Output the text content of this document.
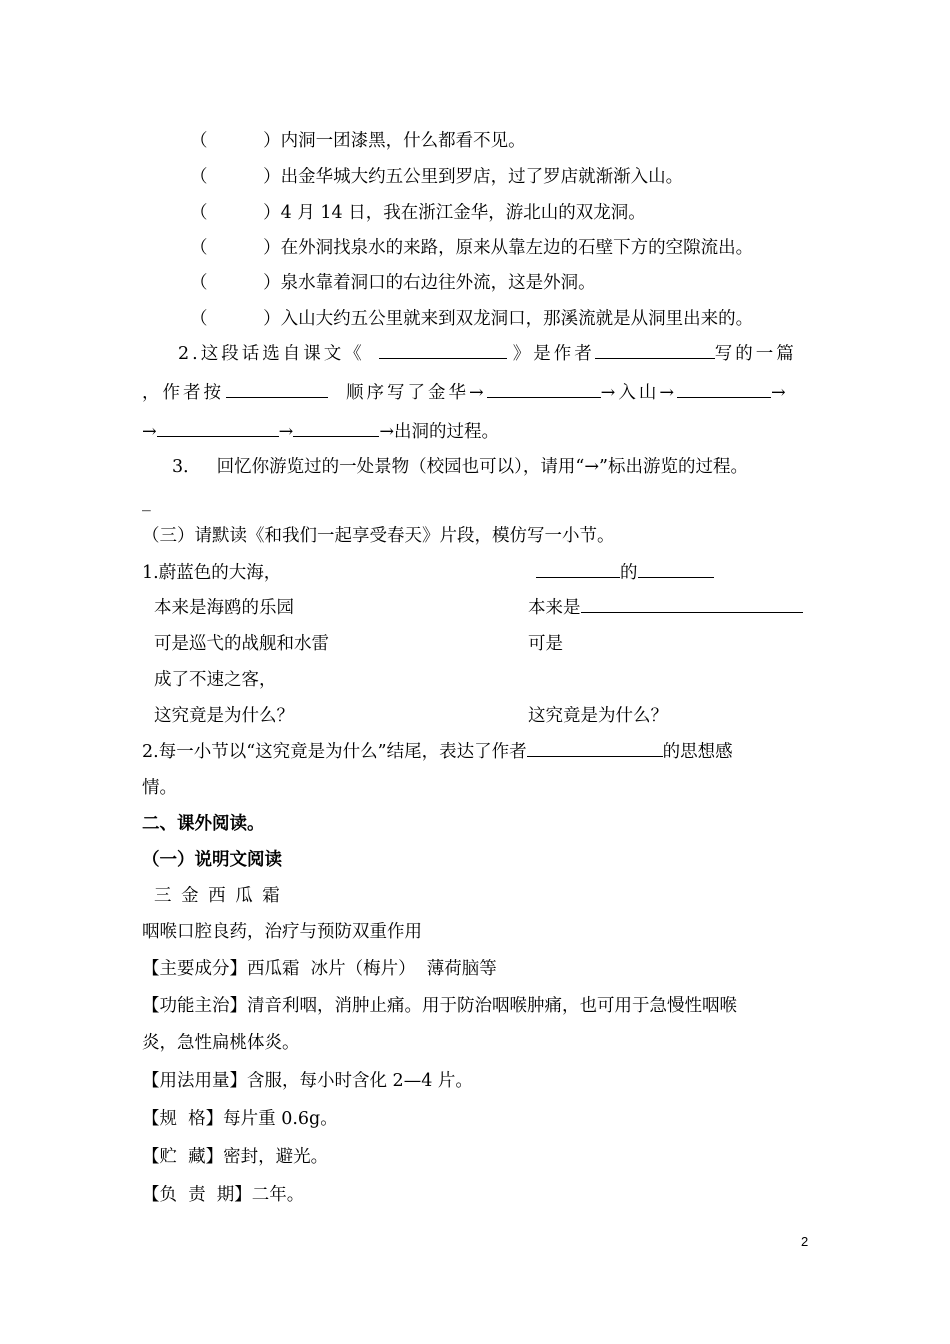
（          ）内洞一团漆黑，什么都看不见。
（          ）出金华城大约五公里到罗店，过了罗店就渐渐入山。
（          ）4 月 14 日，我在浙江金华，游北山的双龙洞。
（          ）在外洞找泉水的来路，原来从靠左边的石壁下方的空隙流出。
（          ）泉水靠着洞口的右边往外流，这是外洞。
（          ）入山大约五公里就来到双龙洞口，那溪流就是从洞里出来的。
2.这段话选自课文《	》是作者	写的一篇
，作者按	顺序写了金华→	→入山→	→
→	→	→出洞的过程。
3． 回忆你游览过的一处景物（校园也可以），请用“→”标出游览的过程。
_
（三）请默读《和我们一起享受春天》片段，模仿写一小节。
1.蔚蓝色的大海，	的
本来是海鸥的乐园	本来是
可是巡弋的战舰和水雷	可是
成了不速之客，
这究竟是为什么？	这究竟是为什么？
2.每一小节以“这究竟是为什么”结尾，表达了作者	的思想感
情。
二、课外阅读。
（一）说明文阅读
三 金 西 瓜 霜
咽喉口腔良药，治疗与预防双重作用
【主要成分】西瓜霜  冰片（梅片）  薄荷脑等
【功能主治】清音利咽，消肿止痛。用于防治咽喉肿痛，也可用于急慢性咽喉
炎，急性扁桃体炎。
【用法用量】含服，每小时含化 2—4 片。
【规  格】每片重 0.6g。
【贮  藏】密封，避光。
【负  责  期】二年。
2
